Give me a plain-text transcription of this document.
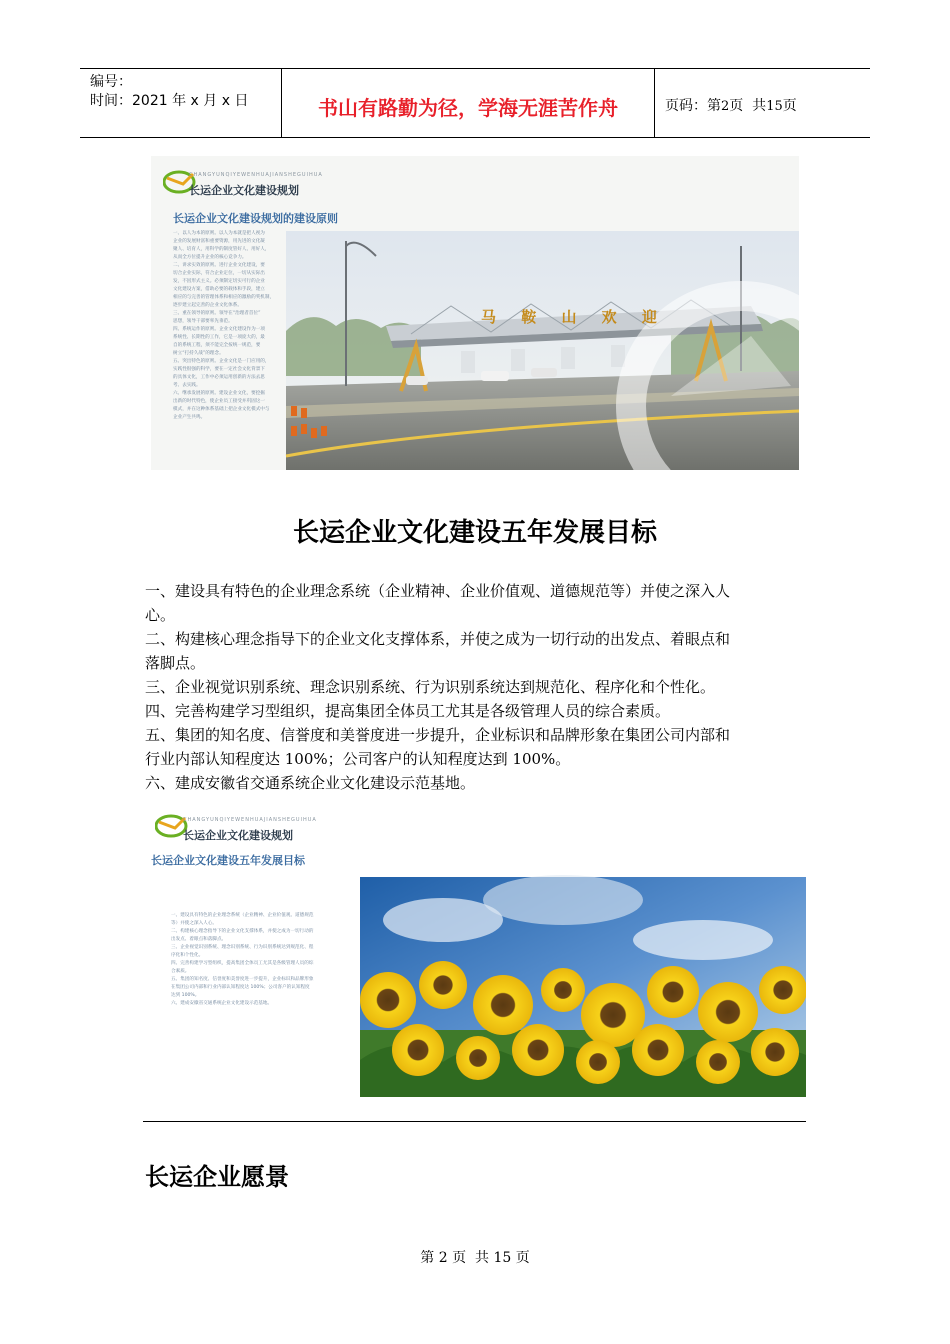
编号：
时间：2021 年 x 月 x 日	书山有路勤为径，学海无涯苦作舟	页码：第2页  共15页
CHANGYUNQIYEWENHUAJIANSHEGUIHUA
长运企业文化建设规划
长运企业文化建设规划的建设原则
马 鞍 山 欢 迎
一、以人为本的原则。以人为本就是把人视为
企业的发展财富和重要资源，用先进的文化凝
聚人、培育人，用科学的制度管好人、用好人，
从而全方位提升企业的核心竞争力。
二、讲求实效的原则。进行企业文化建设，要
切合企业实际，符合企业定位，一切从实际出
发，不因形式主义。必须制定切实可行的企业
文化建设方案，借助必要的载体和手段，建立
相应的与完善的管理体系和相应的激励的奖机制，
逐步建立起完善的企业文化体系。
三、重在领导的原则。领导在“治理者首位”
思想，领导干部要率先垂范。
四、系统运作的原则。企业文化建设作为一项
系统性、长期性的工作，它是一项庞大的，最
自的系统工程，须不能完全按统一规范，要
树立“打持久战”的理念。
五、突出特色的原则。企业文化是一门应用的，
实践性很强的科学，要在一定社会文化背景下
的具体文化，工作中必须运用创新的方法去思
考、去实践。
六、继承发展的原则。建设企业文化，要挖掘
出新的时代特色，使企业员工接受并巩固这一
模式，并在这种体系基础上把企业文化模式中与
企业产生共鸣。
长运企业文化建设五年发展目标
一、建设具有特色的企业理念系统（企业精神、企业价值观、道德规范等）并使之深入人
心。
二、构建核心理念指导下的企业文化支撑体系，并使之成为一切行动的出发点、着眼点和
落脚点。
三、企业视觉识别系统、理念识别系统、行为识别系统达到规范化、程序化和个性化。
四、完善构建学习型组织，提高集团全体员工尤其是各级管理人员的综合素质。
五、集团的知名度、信誉度和美誉度进一步提升，企业标识和品牌形象在集团公司内部和
行业内部认知程度达 100%；公司客户的认知程度达到 100%。
六、建成安徽省交通系统企业文化建设示范基地。
CHANGYUNQIYEWENHUAJIANSHEGUIHUA
长运企业文化建设规划
长运企业文化建设五年发展目标
一、建设具有特色的企业理念系统（企业精神、企业价值观、道德规范
等）并使之深入人心。
二、构建核心理念指导下的企业文化支撑体系，并使之成为一切行动的
出发点、着眼点和落脚点。
三、企业视觉识别系统、理念识别系统、行为识别系统达到规范化、程
序化和个性化。
四、完善构建学习型组织，提高集团全体员工尤其是各级管理人员的综
合素质。
五、集团的知名度、信誉度和美誉度进一步提升，企业标识和品牌形象
在集团公司内部和行业内部认知程度达 100%；公司客户的认知程度
达到 100%。
六、建成安徽省交通系统企业文化建设示范基地。
长运企业愿景
第 2 页  共 15 页
